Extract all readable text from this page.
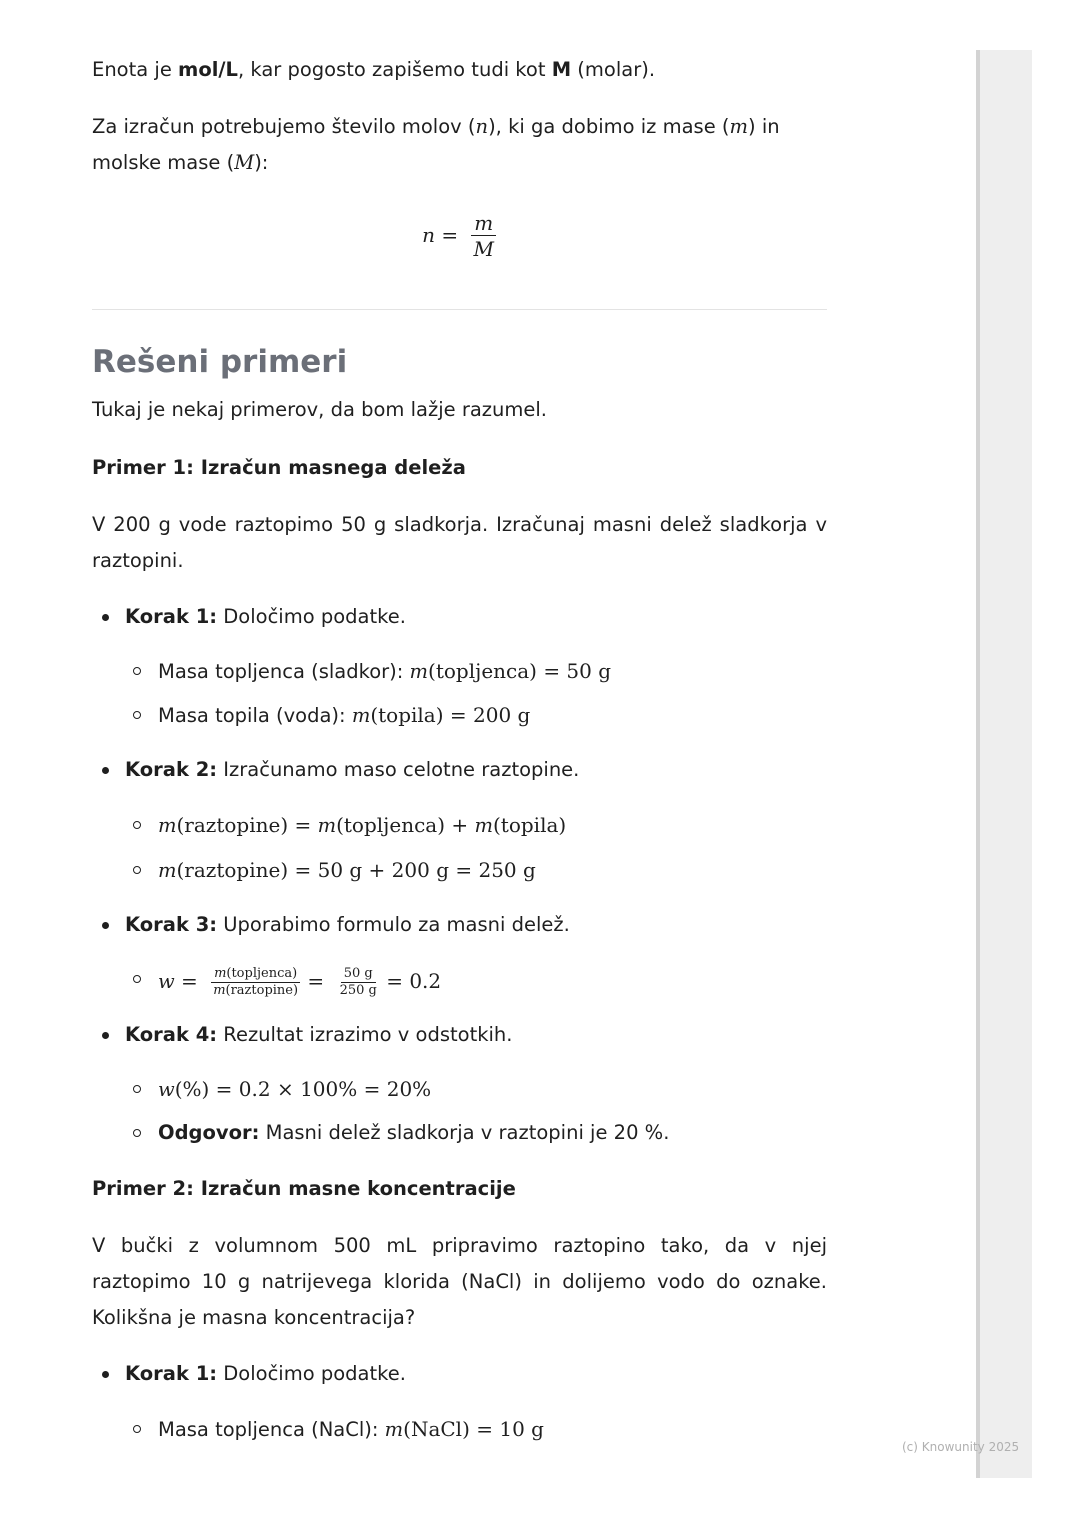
Enota je mol/L, kar pogosto zapišemo tudi kot M (molar).

Za izračun potrebujemo število molov (n), ki ga dobimo iz mase (m) in molske mase (M):

$n = \frac{m}{M}$
Rešeni primeri

Tukaj je nekaj primerov, da bom lažje razumel.

Primer 1: Izračun masnega deleža

V 200 g vode raztopimo 50 g sladkorja. Izračunaj masni delež sladkorja v raztopini.

Korak 1: Določimo podatke.
Masa topljenca (sladkor): m(topljenca) = 50 g
Masa topila (voda): m(topila) = 200 g
Korak 2: Izračunamo maso celotne raztopine.
m(raztopine) = m(topljenca) + m(topila)
m(raztopine) = 50 g + 200 g = 250 g
Korak 3: Uporabimo formulo za masni delež.
$w = \frac{\text{m(topljenca)}}{\text{m(raztopine)}} = \frac{50 g}{250 g} = 0.2$
Korak 4: Rezultat izrazimo v odstotkih.
w(%) = 0.2 × 100% = 20%
Odgovor: Masni delež sladkorja v raztopini je 20 %.

Primer 2: Izračun masne koncentracije

V bučki z volumnom 500 mL pripravimo raztopino tako, da v njej raztopimo 10 g natrijevega klorida (NaCl) in dolijemo vodo do oznake. Kolikšna je masna koncentracija?

Korak 1: Določimo podatke.
Masa topljenca (NaCl): m(NaCl) = 10 g
(c) Knowunity 2025
